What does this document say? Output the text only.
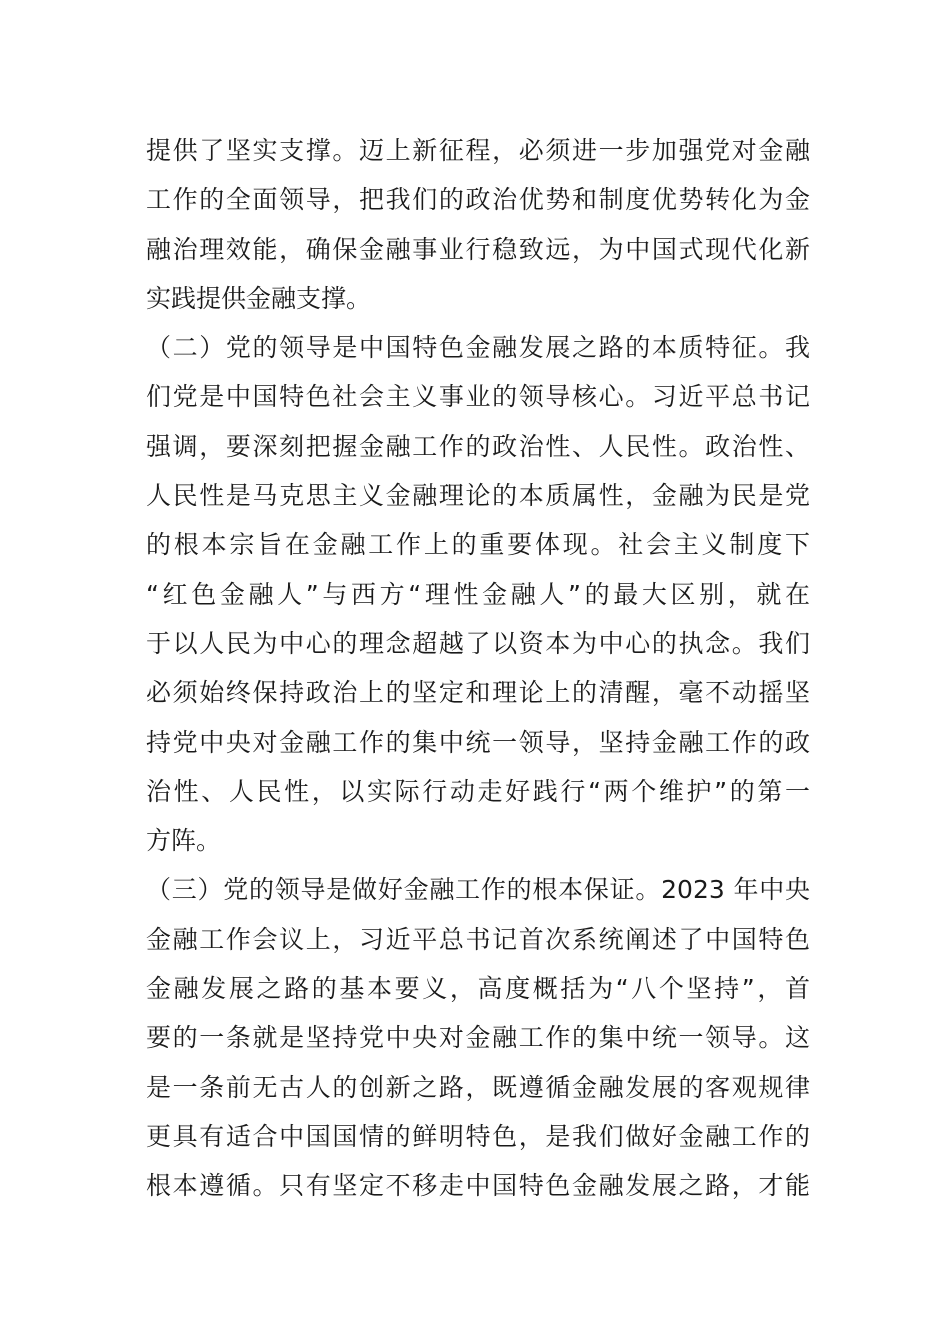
提供了坚实支撑。迈上新征程，必须进一步加强党对金融
工作的全面领导，把我们的政治优势和制度优势转化为金
融治理效能，确保金融事业行稳致远，为中国式现代化新
实践提供金融支撑。
（二）党的领导是中国特色金融发展之路的本质特征。我
们党是中国特色社会主义事业的领导核心。习近平总书记
强调，要深刻把握金融工作的政治性、人民性。政治性、
人民性是马克思主义金融理论的本质属性，金融为民是党
的根本宗旨在金融工作上的重要体现。社会主义制度下
“红色金融人”与西方“理性金融人”的最大区别，就在
于以人民为中心的理念超越了以资本为中心的执念。我们
必须始终保持政治上的坚定和理论上的清醒，毫不动摇坚
持党中央对金融工作的集中统一领导，坚持金融工作的政
治性、人民性，以实际行动走好践行“两个维护”的第一
方阵。
（三）党的领导是做好金融工作的根本保证。2023 年中央
金融工作会议上，习近平总书记首次系统阐述了中国特色
金融发展之路的基本要义，高度概括为“八个坚持”，首
要的一条就是坚持党中央对金融工作的集中统一领导。这
是一条前无古人的创新之路，既遵循金融发展的客观规律
更具有适合中国国情的鲜明特色，是我们做好金融工作的
根本遵循。只有坚定不移走中国特色金融发展之路，才能
